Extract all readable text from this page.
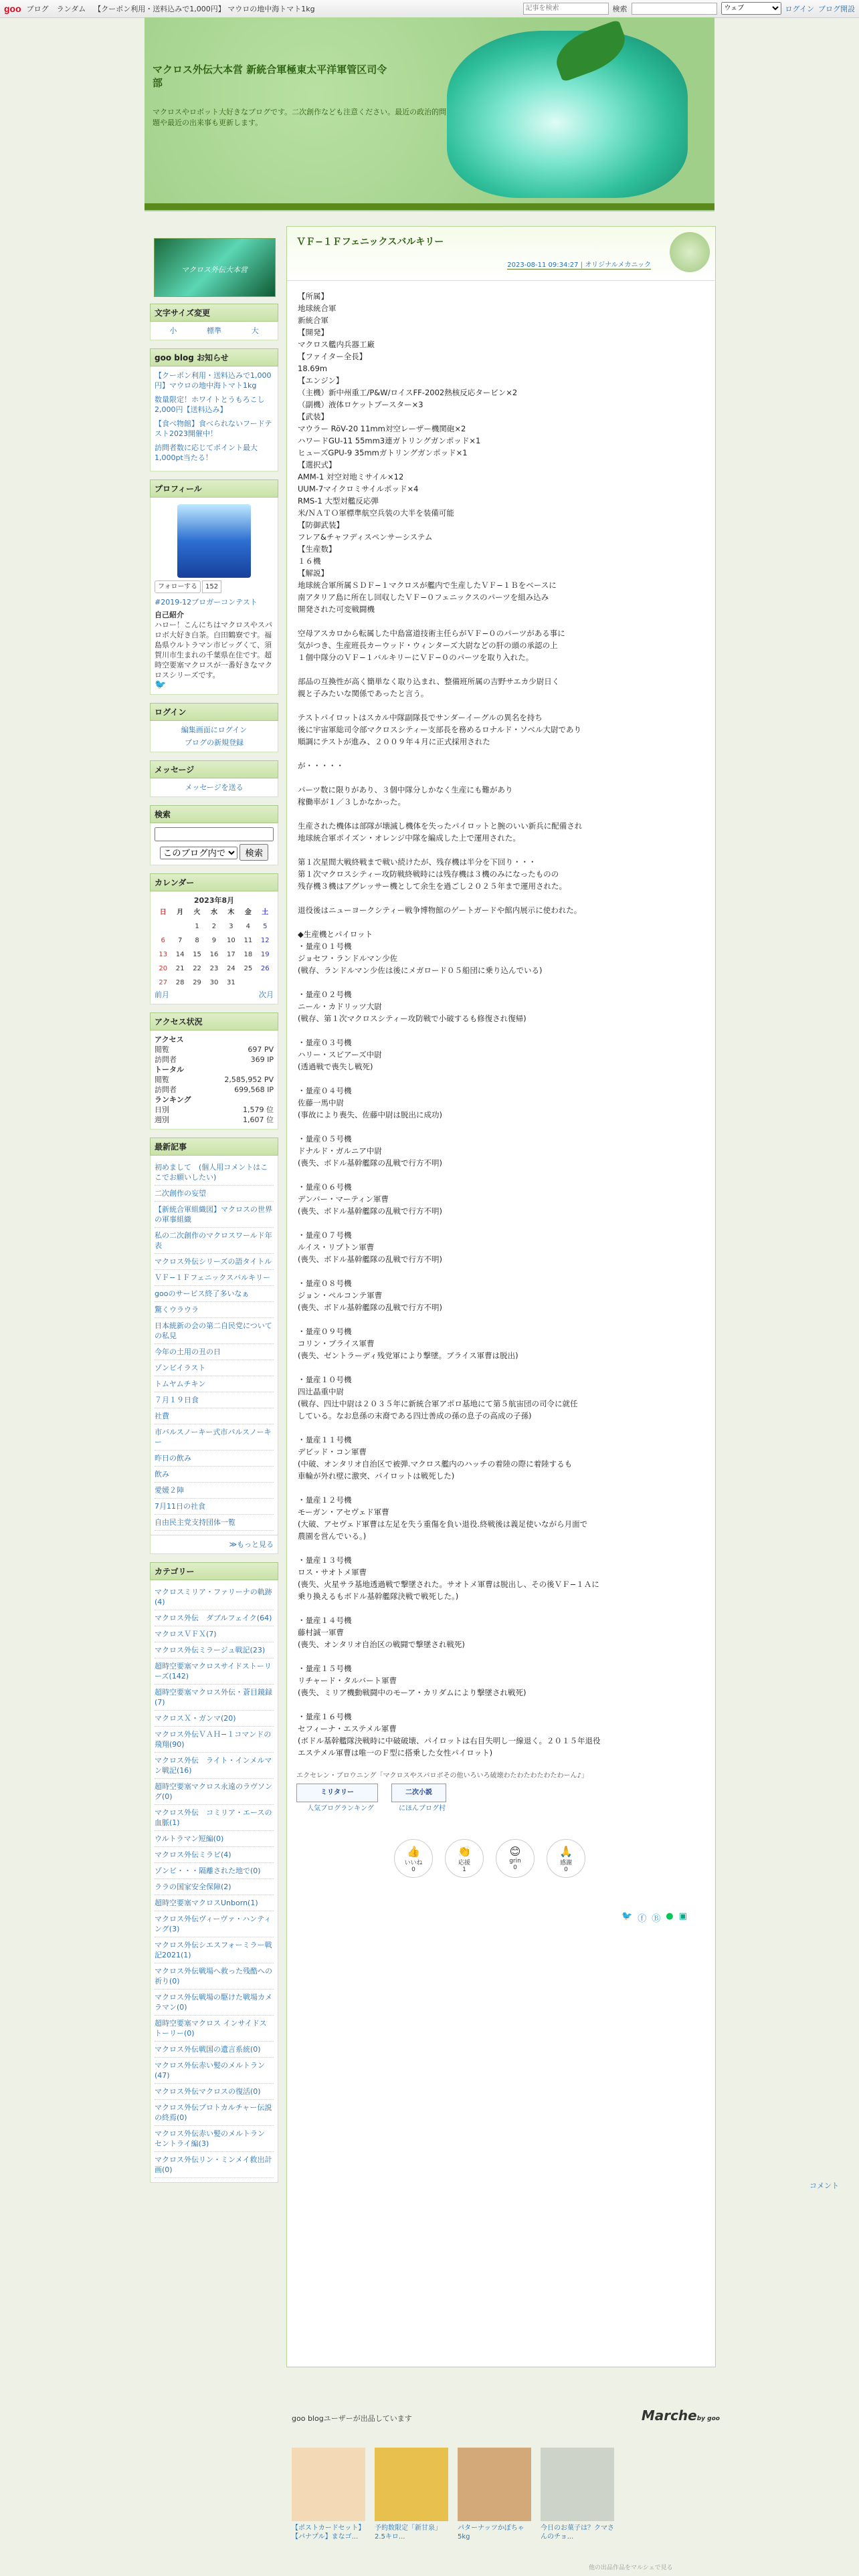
goo ブログ ランダム 【クーポン利用・送料込みで1,000円】 マウロの地中海トマト1kg
記事を検索	検索
ウェブ	ログイン ブログ開設
マクロス外伝大本営 新統合軍極東太平洋軍管区司令部
マクロスやロボット大好きなブログです。二次創作なども注意ください。最近の政治的問題や最近の出来事も更新します。
マクロス外伝大本営
文字サイズ変更
小	標準	大
goo blog お知らせ
【クーポン利用・送料込みで1,000円】マウロの地中海トマト1kg
数量限定！ホワイトとうもろこし2,000円【送料込み】
【食べ物館】食べられないフードテスト2023開催中！
訪問者数に応じてポイント最大1,000pt当たる！
プロフィール
フォローする 152
#2019-12ブロガーコンテスト
自己紹介
ハロー！こんにちはマクロスやスパロボ大好き白茶。白田鶴寮です。福島県ウルトラマン市ビッグくて、須賀川市生まれの千葉県在住です。超時空要塞マクロスが一番好きなマクロスシリーズです。
🐦
ログイン
編集画面にログイン
ブログの新規登録
メッセージ
メッセージを送る
検索
このブログ内で 検索
カレンダー
2023年8月
日	月	火	水	木	金	土
		1	2	3	4	5
6	7	8	9	10	11	12
13	14	15	16	17	18	19
20	21	22	23	24	25	26
27	28	29	30	31		
前月	次月
アクセス状況
アクセス
閲覧	697 PV
訪問者	369 IP
トータル
閲覧	2,585,952 PV
訪問者	699,568 IP
ランキング
日別	1,579 位
週別	1,607 位
最新記事
初めまして　(個人用コメントはここでお願いしたい)
二次創作の妄望
【新統合軍組織図】マクロスの世界の軍事組織
私の二次創作のマクロスワールド年表
マクロス外伝シリーズの語タイトル
ＶＦ−１Ｆフェニックスバルキリー
gooのサービス終了多いなぁ
驚くウラウラ
日本統新の会の第二自民党についての私見
今年の土用の丑の日
ゾンビイラスト
トムヤムチキン
７月１９日食
社費
市バルスノーキー式市パルスノーキー
昨日の飲み
飲み
愛媛２陣
7月11日の社食
自由民主党支持団体一覧
≫もっと見る
カテゴリー
マクロスミリア・ファリーナの軌跡(4)
マクロス外伝　ダブルフェイク(64)
マクロスＶＦＸ(7)
マクロス外伝ミラージュ戦記(23)
超時空要塞マクロスサイドストーリーズ(142)
超時空要塞マクロス外伝・蒼目鏡録(7)
マクロスＸ・ガンマ(20)
マクロス外伝ＶＡＨ−１コマンドの飛翔(90)
マクロス外伝　ライト・インメルマン戦記(16)
超時空要塞マクロス永遠のラヴソング(0)
マクロス外伝　コミリア・エースの血脈(1)
ウルトラマン短編(0)
マクロス外伝ミラビ(4)
ゾンビ・・・隔離された地で(0)
ララの国家安全保障(2)
超時空要塞マクロスUnborn(1)
マクロス外伝ヴィーヴァ・ハンティング(3)
マクロス外伝シエスフォーミラー戦記2021(1)
マクロス外伝戦場へ救った残酷への祈り(0)
マクロス外伝戦場の駆けた戦場カメラマン(0)
超時空要塞マクロス インサイドストーリー(0)
マクロス外伝戦国の遺言系統(0)
マクロス外伝赤い髪のメルトラン(47)
マクロス外伝マクロスの復活(0)
マクロス外伝プロトカルチャー伝説の終焉(0)
マクロス外伝赤い髪のメルトラン セントライ編(3)
マクロス外伝リン・ミンメイ救出計画(0)
ＶＦ−１Ｆフェニックスバルキリー
2023-08-11 09:34:27 | オリジナルメカニック
【所属】
地球統合軍
新統合軍
【開発】
マクロス艦内兵器工廠
【ファイター全長】
18.69m
【エンジン】
（主機）新中州重工/P&W/ロイスFF-2002熱核反応タービン×2
（副機）液体ロケットブースター×3
【武装】
マウラー RöV-20 11mm対空レーザー機関砲×2
ハワードGU-11 55mm3連ガトリングガンポッド×1
ヒューズGPU-9 35mmガトリングガンポッド×1
【選択式】
AMM-1 対空対地ミサイル×12
UUM-7マイクロミサイルポッド×4
RMS-1 大型対艦反応弾
米/ＮＡＴＯ軍標準航空兵装の大半を装備可能
【防御武装】
フレア&チャフディスペンサーシステム
【生産数】
１６機
【解説】
地球統合軍所属ＳＤＦ−１マクロスが艦内で生産したＶＦ−１Ｂをベースに
南アタリア島に所在し回収したＶＦ−０フェニックスのパーツを組み込み
開発された可変戦闘機
空母アスカロから転属した中島富道技術主任らがＶＦ−０のパーツがある事に
気がつき、生産班長カーウッド・ウィンターズ大尉などの肝の頭の承認の上
１個中隊分のＶＦ−１バルキリーにＶＦ−０のパーツを取り入れた。
部品の互換性が高く簡単なく取り込まれ、整備班所属の吉野サエカ少尉日く
親と子みたいな関係であったと言う。
テストパイロットはスカル中隊副隊長でサンダーイーグルの異名を持ち
後に宇宙軍総司令部マクロスシティー支部長を務めるロナルド・ソベル大尉であり
順調にテストが進み、２００９年４月に正式採用された
が・・・・・
パーツ数に限りがあり、３個中隊分しかなく生産にも難があり
稼働率が１／３しかなかった。
生産された機体は部隊が壊滅し機体を失ったパイロットと腕のいい新兵に配備され
地球統合軍ポイズン・オレンジ中隊を編成した上で運用された。
第１次星間大戦終戦まで戦い続けたが、残存機は半分を下回り・・・
第１次マクロスシティー攻防戦終戦時には残存機は３機のみになったものの
残存機３機はアグレッサー機として余生を過ごし２０２５年まで運用された。
退役後はニューヨークシティー戦争博物館のゲートガードや館内展示に使われた。
◆生産機とパイロット
・量産０１号機
ジョセフ・ランドルマン少佐
(戦存、ランドルマン少佐は後にメガロード０５船団に乗り込んでいる)
・量産０２号機
ニール・カドリッツ大尉
(戦存、第１次マクロスシティー攻防戦で小破するも修復され復帰)
・量産０３号機
ハリー・スピアーズ中尉
(透過戦で喪失し戦死)
・量産０４号機
佐藤一馬中尉
(事故により喪失、佐藤中尉は脱出に成功)
・量産０５号機
ドナルド・ガルニア中尉
(喪失、ボドル基幹艦隊の乱戦で行方不明)
・量産０６号機
デンバー・マーティン軍曹
(喪失、ボドル基幹艦隊の乱戦で行方不明)
・量産０７号機
ルイス・リプトン軍曹
(喪失、ボドル基幹艦隊の乱戦で行方不明)
・量産０８号機
ジョン・ペルコンテ軍曹
(喪失、ボドル基幹艦隊の乱戦で行方不明)
・量産０９号機
コリン・ブライス軍曹
(喪失、ゼントラーディ残党軍により撃墜。ブライス軍曹は脱出)
・量産１０号機
四辻晶重中尉
(戦存、四辻中尉は２０３５年に新統合軍アポロ基地にて第５航宙団の司令に就任
している。なお息孫の末裔である四辻善成の孫の息子の高成の子孫)
・量産１１号機
デビッド・コン軍曹
(中破、オンタリオ自治区で被弾.マクロス艦内のハッチの着陸の際に着陸するも
車輪が外れ壁に激突、パイロットは戦死した)
・量産１２号機
モーガン・アセヴェド軍曹
(大破、アセヴェド軍曹は左足を失う重傷を負い退役.終戦後は義足使いながら月面で
農園を営んでいる。)
・量産１３号機
ロス・サオトメ軍曹
(喪失、火星サラ基地透過戦で撃墜された。サオトメ軍曹は脱出し、その後ＶＦ−１Ａに
乗り換えるもボドル基幹艦隊決戦で戦死した。)
・量産１４号機
藤村誠一軍曹
(喪失、オンタリオ自治区の戦闘で撃墜され戦死)
・量産１５号機
リチャード・タルバート軍曹
(喪失、ミリア機動戦闘中のモーア・カリダムにより撃墜され戦死)
・量産１６号機
セフィーナ・エステメル軍曹
(ボドル基幹艦隊決戦時に中破破壊、パイロットは右目失明し一線退く。２０１５年退役
エステメル軍曹は唯一のＦ型に搭乗した女性パイロット)
エクセレン・ブロウニング「マクロスやスパロボその他いろいろ破壊わたわたわたわたわーん♪」
ミリタリー
人気ブログランキング
二次小説
にほんブログ村
👍
いいね
0
👏
応援
1
😊
grin
0
🙏
感謝
0
🐦 ⓕ Ⓑ ● ▣
コメント
goo blogユーザーが出品しています	Marcheby goo
【ポストカードセット】【パナプル】まなゴ...
予約数限定「新甘泉」2.5キロ...
パターナッツかぼちゃ5kg
今日のお菓子は？クマさんのチョ...
他の出品作品をマルシェで見る
